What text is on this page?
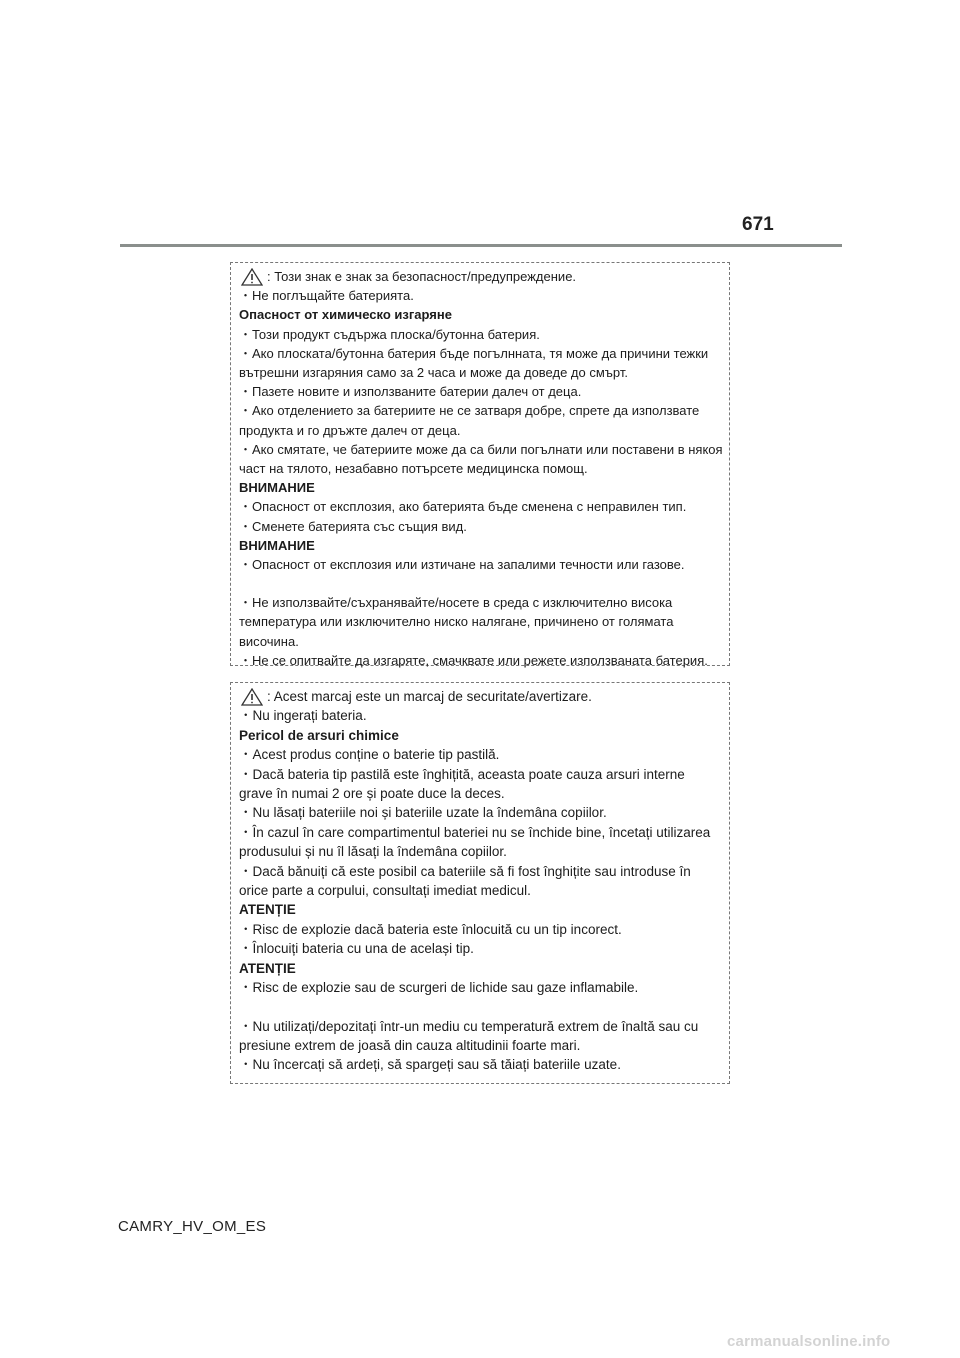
671
: Този знак е знак за безопасност/предупреждение.
・Не поглъщайте батерията.
Опасност от химическо изгаряне
・Този продукт съдържа плоска/бутонна батерия.
・Ако плоската/бутонна батерия бъде погълнната, тя може да причини тежки
вътрешни изгаряния само за 2 часа и може да доведе до смърт.
・Пазете новите и използваните батерии далеч от деца.
・Ако отделението за батериите не се затваря добре, спрете да използвате
продукта и го дръжте далеч от деца.
・Ако смятате, че батериите може да са били погълнати или поставени в някоя
част на тялото, незабавно потърсете медицинска помощ.
ВНИМАНИЕ
・Опасност от експлозия, ако батерията бъде сменена с неправилен тип.
・Сменете батерията със същия вид.
ВНИМАНИЕ
・Опасност от експлозия или изтичане на запалими течности или газове.
・Не използвайте/съхранявайте/носете в среда с изключително висока
температура или изключително ниско налягане, причинено от голямата
височина.
・Не се опитвайте да изгаряте, смачквате или режете използваната батерия.
: Acest marcaj este un marcaj de securitate/avertizare.
・Nu ingerați bateria.
Pericol de arsuri chimice
・Acest produs conține o baterie tip pastilă.
・Dacă bateria tip pastilă este înghițită, aceasta poate cauza arsuri interne
grave în numai 2 ore și poate duce la deces.
・Nu lăsați bateriile noi și bateriile uzate la îndemâna copiilor.
・În cazul în care compartimentul bateriei nu se închide bine, încetați utilizarea
produsului și nu îl lăsați la îndemâna copiilor.
・Dacă bănuiți că este posibil ca bateriile să fi fost înghițite sau introduse în
orice parte a corpului, consultați imediat medicul.
ATENȚIE
・Risc de explozie dacă bateria este înlocuită cu un tip incorect.
・Înlocuiți bateria cu una de același tip.
ATENȚIE
・Risc de explozie sau de scurgeri de lichide sau gaze inflamabile.
・Nu utilizați/depozitați într-un mediu cu temperatură extrem de înaltă sau cu
presiune extrem de joasă din cauza altitudinii foarte mari.
・Nu încercați să ardeți, să spargeți sau să tăiați bateriile uzate.
CAMRY_HV_OM_ES
carmanualsonline.info
